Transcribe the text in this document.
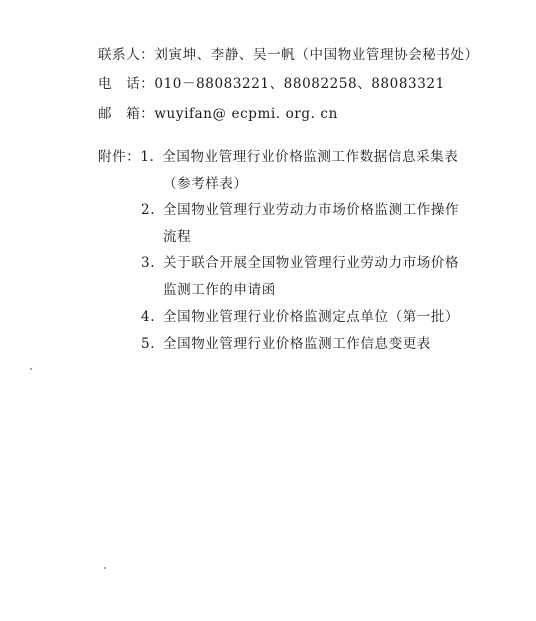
联系人：刘寅坤、李静、吴一帆（中国物业管理协会秘书处）
电　话：010－88083221、88082258、88083321
邮　箱：wuyifan@ ecpmi. org. cn
附件：1. 全国物业管理行业价格监测工作数据信息采集表
（参考样表）
2. 全国物业管理行业劳动力市场价格监测工作操作
流程
3. 关于联合开展全国物业管理行业劳动力市场价格
监测工作的申请函
4. 全国物业管理行业价格监测定点单位（第一批）
5. 全国物业管理行业价格监测工作信息变更表
